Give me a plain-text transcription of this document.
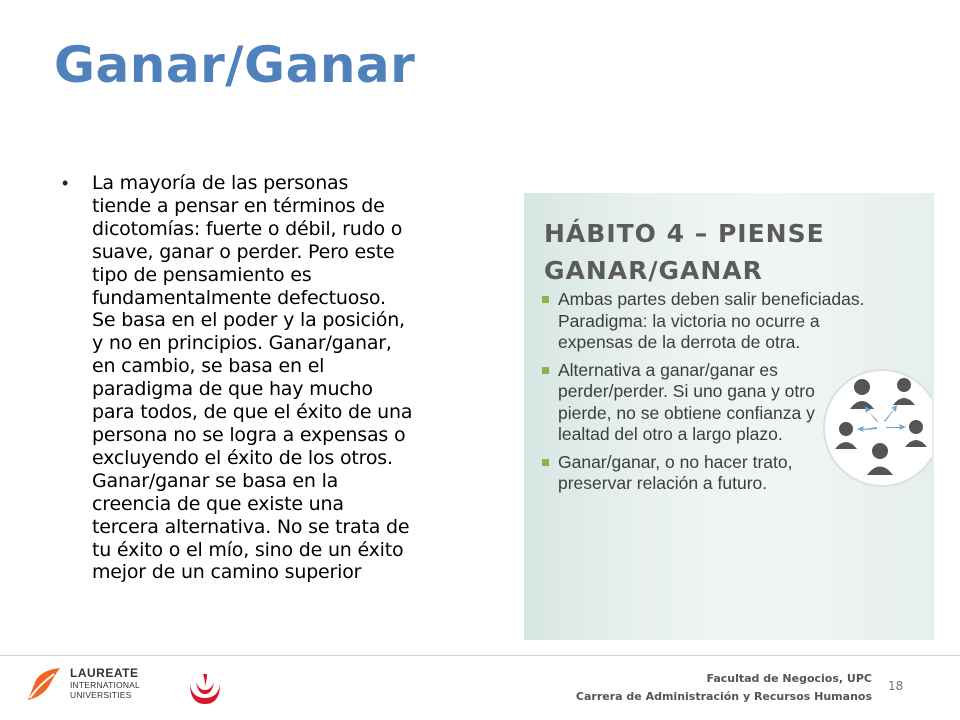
Ganar/Ganar
•	La mayoría de las personas
tiende a pensar en términos de
dicotomías: fuerte o débil, rudo o
suave, ganar o perder. Pero este
tipo de pensamiento es
fundamentalmente defectuoso.
Se basa en el poder y la posición,
y no en principios. Ganar/ganar,
en cambio, se basa en el
paradigma de que hay mucho
para todos, de que el éxito de una
persona no se logra a expensas o
excluyendo el éxito de los otros.
Ganar/ganar se basa en la
creencia de que existe una
tercera alternativa. No se trata de
tu éxito o el mío, sino de un éxito
mejor de un camino superior
HÁBITO 4 – PIENSE
GANAR/GANAR
Ambas partes deben salir beneficiadas. Paradigma: la victoria no ocurre a expensas de la derrota de otra.
Alternativa a ganar/ganar es perder/perder. Si uno gana y otro pierde, no se obtiene confianza y lealtad del otro a largo plazo.
Ganar/ganar, o no hacer trato, preservar relación a futuro.
LAUREATE
INTERNATIONAL
UNIVERSITIES
Facultad de Negocios, UPC
Carrera de Administración y Recursos Humanos
18
